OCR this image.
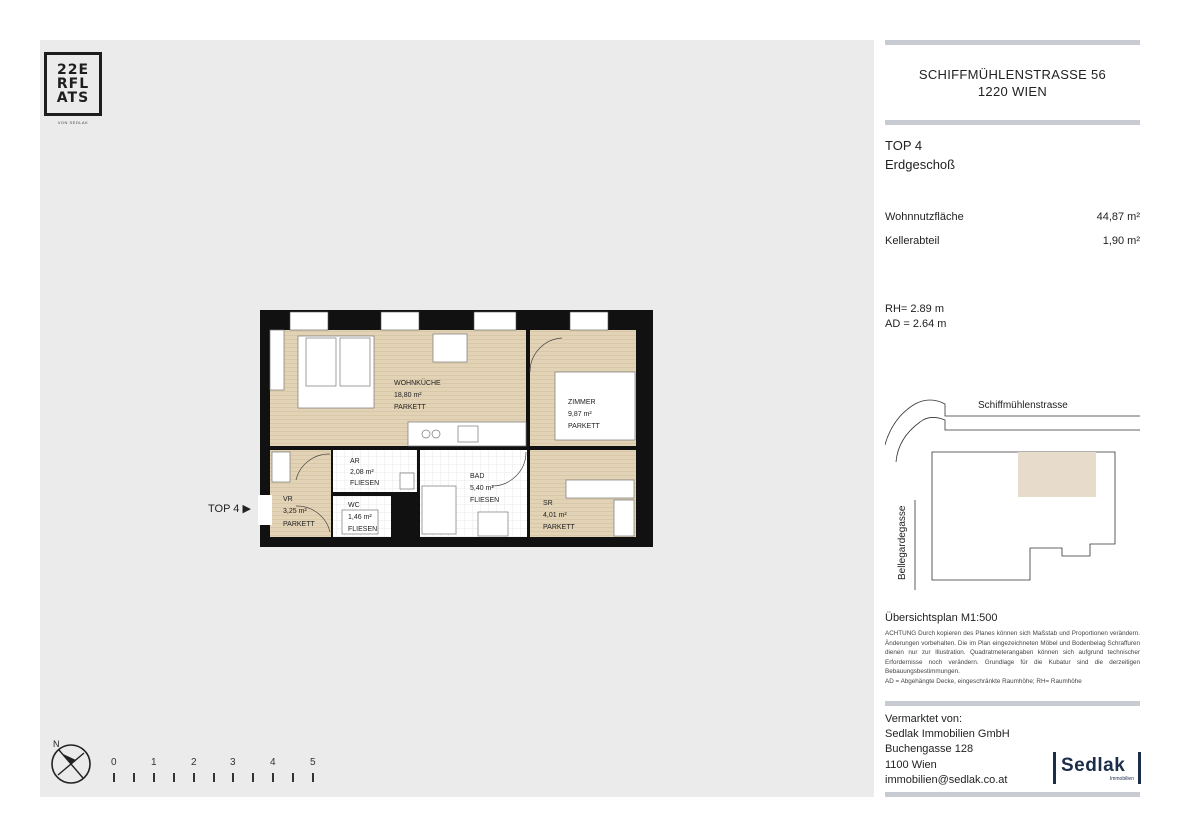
22E
RFL
ATS
VON SEDLAK
WOHNKÜCHE
18,80 m²
PARKETT
ZIMMER
9,87 m²
PARKETT
AR
2,08 m²
FLIESEN
BAD
5,40 m²
FLIESEN
VR
3,25 m²
PARKETT
WC
1,46 m²
FLIESEN
SR
4,01 m²
PARKETT
TOP 4 ▶
N
0	1	2	3	4	5
SCHIFFMÜHLENSTRASSE 56
1220 WIEN
TOP 4
Erdgeschoß
Wohnnutzfläche	44,87 m²
Kellerabteil	1,90 m²
RH= 2.89 m
AD = 2.64 m
Schiffmühlenstrasse
Bellegardegasse
Übersichtsplan M1:500
ACHTUNG Durch kopieren des Planes können sich Maßstab und Proportionen verändern. Änderungen vorbehalten. Die im Plan eingezeichneten Möbel und Bodenbelag Schraffuren dienen nur zur Illustration. Quadratmeterangaben können sich aufgrund technischer Erfordernisse noch verändern. Grundlage für die Kubatur sind die derzeitigen Bebauungsbestimmungen.
AD = Abgehängte Decke, eingeschränkte Raumhöhe; RH= Raumhöhe
Vermarktet von:
Sedlak Immobilien GmbH
Buchengasse 128
1100 Wien
immobilien@sedlak.co.at
Sedlak
Immobilien
